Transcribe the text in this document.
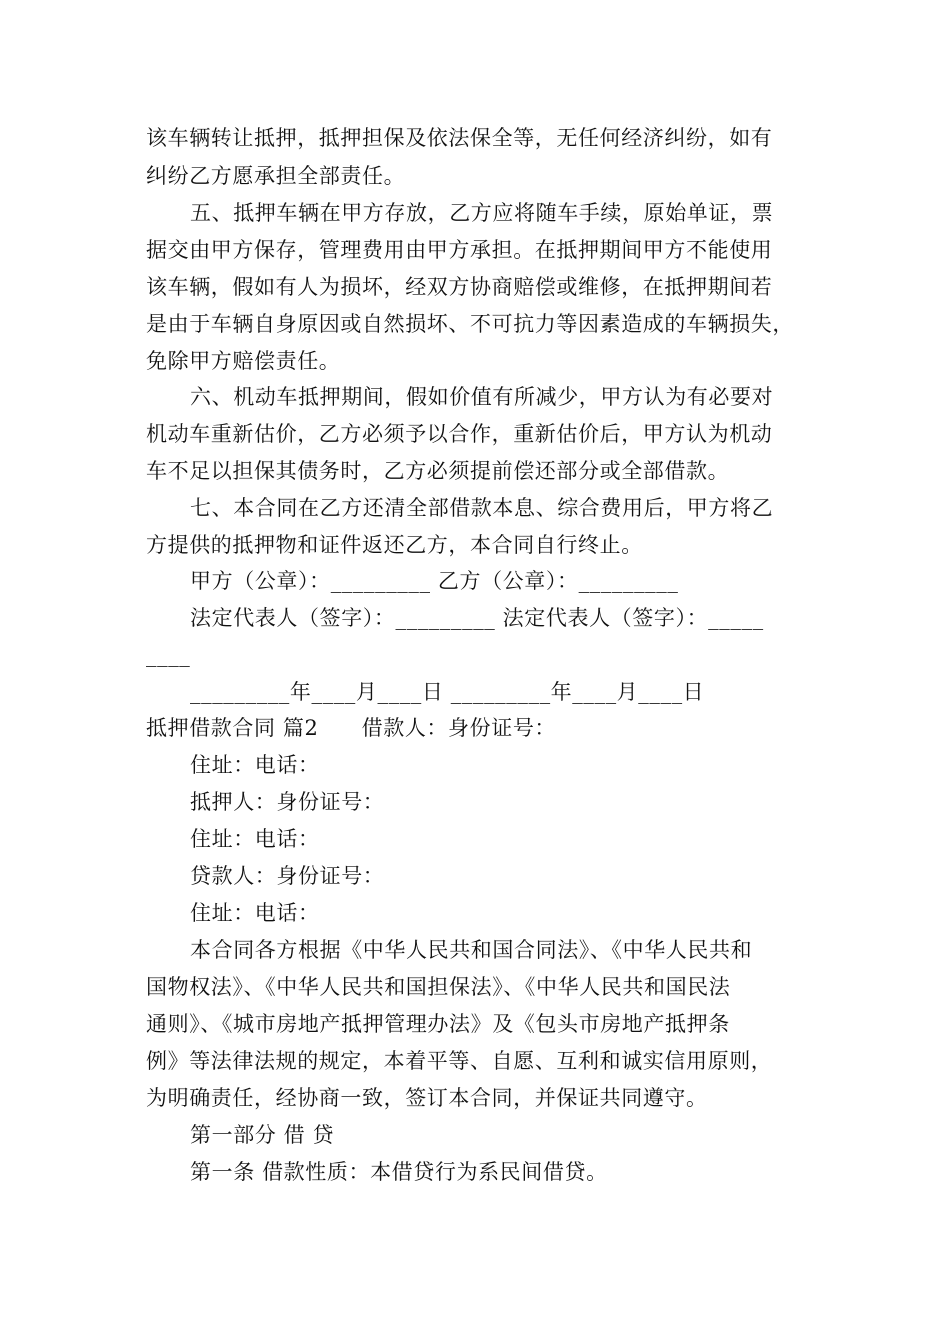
该车辆转让抵押，抵押担保及依法保全等，无任何经济纠纷，如有
纠纷乙方愿承担全部责任。
五、抵押车辆在甲方存放，乙方应将随车手续，原始单证，票
据交由甲方保存，管理费用由甲方承担。在抵押期间甲方不能使用
该车辆，假如有人为损坏，经双方协商赔偿或维修，在抵押期间若
是由于车辆自身原因或自然损坏、不可抗力等因素造成的车辆损失，
免除甲方赔偿责任。
六、机动车抵押期间，假如价值有所减少，甲方认为有必要对
机动车重新估价，乙方必须予以合作，重新估价后，甲方认为机动
车不足以担保其债务时，乙方必须提前偿还部分或全部借款。
七、本合同在乙方还清全部借款本息、综合费用后，甲方将乙
方提供的抵押物和证件返还乙方，本合同自行终止。
甲方（公章）：_________ 乙方（公章）：_________
法定代表人（签字）：_________ 法定代表人（签字）：_____
____
_________年____月____日 _________年____月____日
抵押借款合同 篇2　　借款人：身份证号：
住址：电话：
抵押人：身份证号：
住址：电话：
贷款人：身份证号：
住址：电话：
本合同各方根据《中华人民共和国合同法》、《中华人民共和
国物权法》、《中华人民共和国担保法》、《中华人民共和国民法
通则》、《城市房地产抵押管理办法》及《包头市房地产抵押条
例》等法律法规的规定，本着平等、自愿、互利和诚实信用原则，
为明确责任，经协商一致，签订本合同，并保证共同遵守。
第一部分 借 贷
第一条 借款性质：本借贷行为系民间借贷。
